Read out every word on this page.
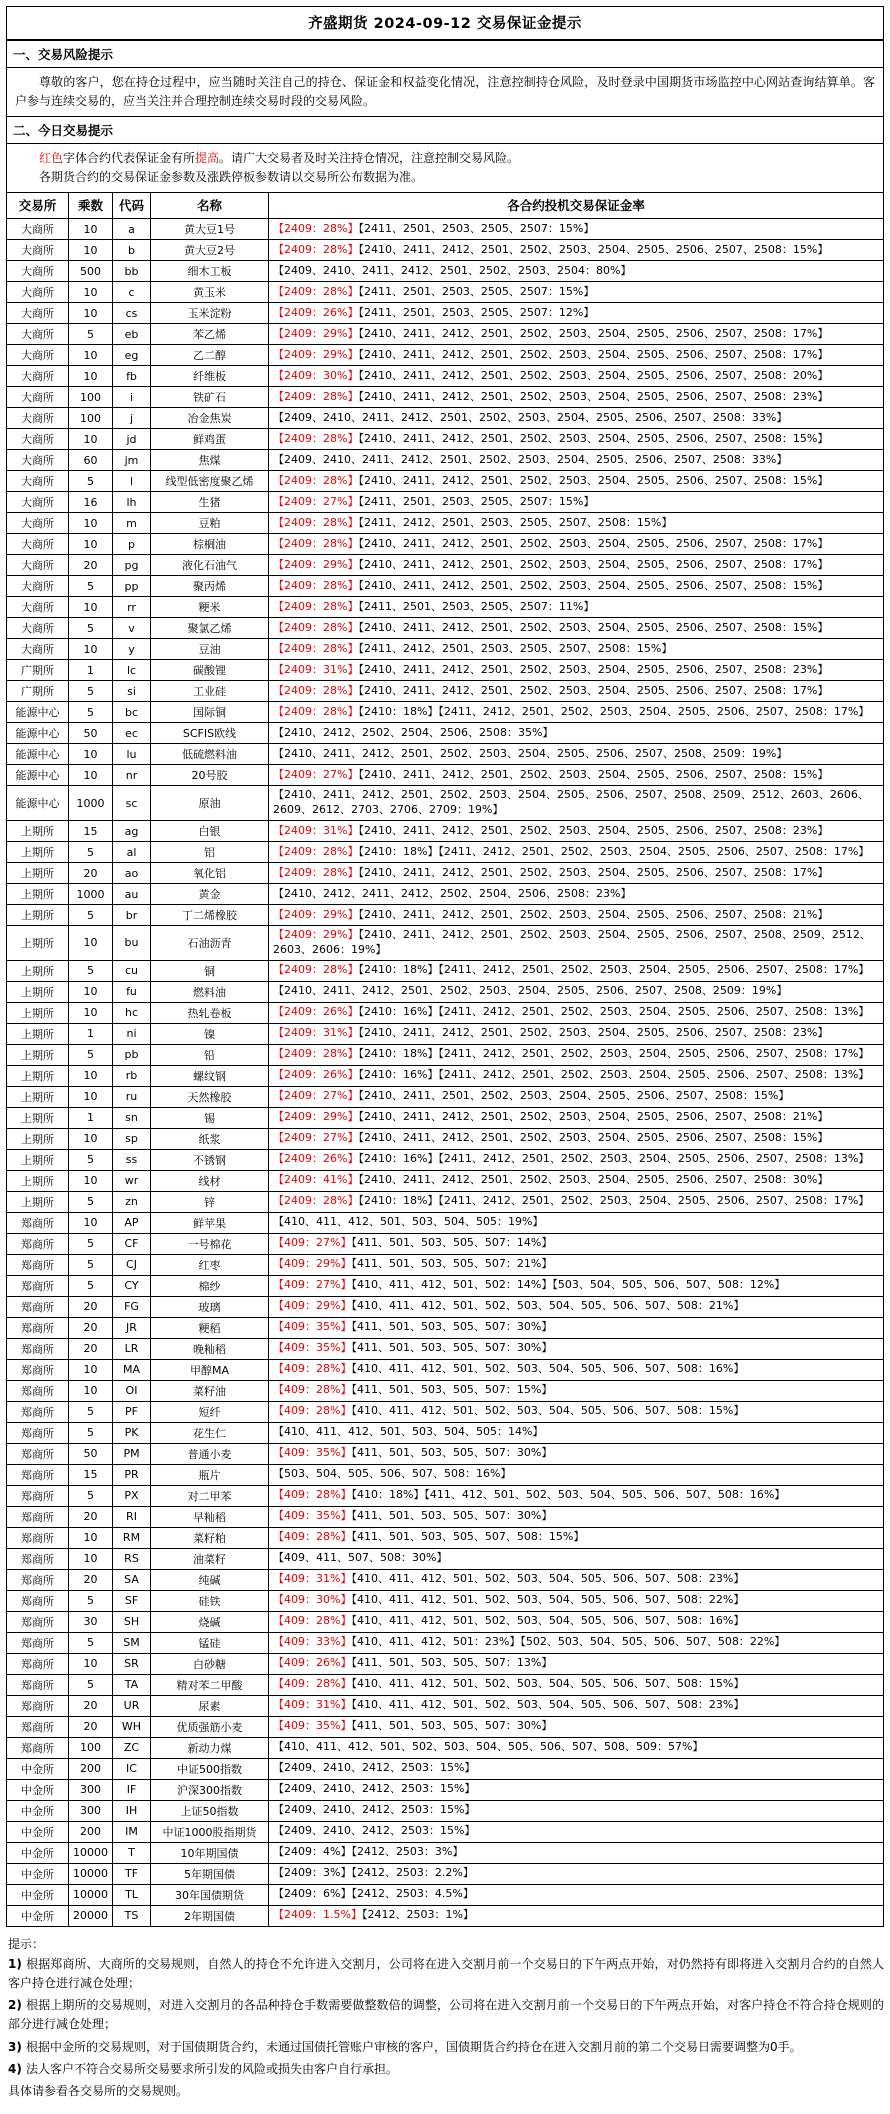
齐盛期货 2024-09-12 交易保证金提示
一、交易风险提示				

尊敬的客户，您在持仓过程中，应当随时关注自己的持仓、保证金和权益变化情况，注意控制持仓风险，及时登录中国期货市场监控中心网站查询结算单。客户参与连续交易的，应当关注并合理控制连续交易时段的交易风险。				

二、今日交易提示				

红色字体合约代表保证金有所提高。请广大交易者及时关注持仓情况，注意控制交易风险。
各期货合约的交易保证金参数及涨跌停板参数请以交易所公布数据为准。				

交易所	乘数	代码	名称	各合约投机交易保证金率
大商所	10	a	黄大豆1号	【2409：28%】【2411、2501、2503、2505、2507：15%】
大商所	10	b	黄大豆2号	【2409：28%】【2410、2411、2412、2501、2502、2503、2504、2505、2506、2507、2508：15%】
大商所	500	bb	细木工板	【2409、2410、2411、2412、2501、2502、2503、2504：80%】
大商所	10	c	黄玉米	【2409：28%】【2411、2501、2503、2505、2507：15%】
大商所	10	cs	玉米淀粉	【2409：26%】【2411、2501、2503、2505、2507：12%】
大商所	5	eb	苯乙烯	【2409：29%】【2410、2411、2412、2501、2502、2503、2504、2505、2506、2507、2508：17%】
大商所	10	eg	乙二醇	【2409：29%】【2410、2411、2412、2501、2502、2503、2504、2505、2506、2507、2508：17%】
大商所	10	fb	纤维板	【2409：30%】【2410、2411、2412、2501、2502、2503、2504、2505、2506、2507、2508：20%】
大商所	100	i	铁矿石	【2409：28%】【2410、2411、2412、2501、2502、2503、2504、2505、2506、2507、2508：23%】
大商所	100	j	冶金焦炭	【2409、2410、2411、2412、2501、2502、2503、2504、2505、2506、2507、2508：33%】
大商所	10	jd	鲜鸡蛋	【2409：28%】【2410、2411、2412、2501、2502、2503、2504、2505、2506、2507、2508：15%】
大商所	60	jm	焦煤	【2409、2410、2411、2412、2501、2502、2503、2504、2505、2506、2507、2508：33%】
大商所	5	l	线型低密度聚乙烯	【2409：28%】【2410、2411、2412、2501、2502、2503、2504、2505、2506、2507、2508：15%】
大商所	16	lh	生猪	【2409：27%】【2411、2501、2503、2505、2507：15%】
大商所	10	m	豆粕	【2409：28%】【2411、2412、2501、2503、2505、2507、2508：15%】
大商所	10	p	棕榈油	【2409：28%】【2410、2411、2412、2501、2502、2503、2504、2505、2506、2507、2508：17%】
大商所	20	pg	液化石油气	【2409：29%】【2410、2411、2412、2501、2502、2503、2504、2505、2506、2507、2508：17%】
大商所	5	pp	聚丙烯	【2409：28%】【2410、2411、2412、2501、2502、2503、2504、2505、2506、2507、2508：15%】
大商所	10	rr	粳米	【2409：28%】【2411、2501、2503、2505、2507：11%】
大商所	5	v	聚氯乙烯	【2409：28%】【2410、2411、2412、2501、2502、2503、2504、2505、2506、2507、2508：15%】
大商所	10	y	豆油	【2409：28%】【2411、2412、2501、2503、2505、2507、2508：15%】
广期所	1	lc	碳酸锂	【2409：31%】【2410、2411、2412、2501、2502、2503、2504、2505、2506、2507、2508：23%】
广期所	5	si	工业硅	【2409：28%】【2410、2411、2412、2501、2502、2503、2504、2505、2506、2507、2508：17%】
能源中心	5	bc	国际铜	【2409：28%】【2410：18%】【2411、2412、2501、2502、2503、2504、2505、2506、2507、2508：17%】
能源中心	50	ec	SCFIS欧线	【2410、2412、2502、2504、2506、2508：35%】
能源中心	10	lu	低硫燃料油	【2410、2411、2412、2501、2502、2503、2504、2505、2506、2507、2508、2509：19%】
能源中心	10	nr	20号胶	【2409：27%】【2410、2411、2412、2501、2502、2503、2504、2505、2506、2507、2508：15%】
能源中心	1000	sc	原油	【2410、2411、2412、2501、2502、2503、2504、2505、2506、2507、2508、2509、2512、2603、2606、2609、2612、2703、2706、2709：19%】
上期所	15	ag	白银	【2409：31%】【2410、2411、2412、2501、2502、2503、2504、2505、2506、2507、2508：23%】
上期所	5	al	铝	【2409：28%】【2410：18%】【2411、2412、2501、2502、2503、2504、2505、2506、2507、2508：17%】
上期所	20	ao	氧化铝	【2409：28%】【2410、2411、2412、2501、2502、2503、2504、2505、2506、2507、2508：17%】
上期所	1000	au	黄金	【2410、2412、2411、2412、2502、2504、2506、2508：23%】
上期所	5	br	丁二烯橡胶	【2409：29%】【2410、2411、2412、2501、2502、2503、2504、2505、2506、2507、2508：21%】
上期所	10	bu	石油沥青	【2409：29%】【2410、2411、2412、2501、2502、2503、2504、2505、2506、2507、2508、2509、2512、2603、2606：19%】
上期所	5	cu	铜	【2409：28%】【2410：18%】【2411、2412、2501、2502、2503、2504、2505、2506、2507、2508：17%】
上期所	10	fu	燃料油	【2410、2411、2412、2501、2502、2503、2504、2505、2506、2507、2508、2509：19%】
上期所	10	hc	热轧卷板	【2409：26%】【2410：16%】【2411、2412、2501、2502、2503、2504、2505、2506、2507、2508：13%】
上期所	1	ni	镍	【2409：31%】【2410、2411、2412、2501、2502、2503、2504、2505、2506、2507、2508：23%】
上期所	5	pb	铅	【2409：28%】【2410：18%】【2411、2412、2501、2502、2503、2504、2505、2506、2507、2508：17%】
上期所	10	rb	螺纹钢	【2409：26%】【2410：16%】【2411、2412、2501、2502、2503、2504、2505、2506、2507、2508：13%】
上期所	10	ru	天然橡胶	【2409：27%】【2410、2411、2501、2502、2503、2504、2505、2506、2507、2508：15%】
上期所	1	sn	锡	【2409：29%】【2410、2411、2412、2501、2502、2503、2504、2505、2506、2507、2508：21%】
上期所	10	sp	纸浆	【2409：27%】【2410、2411、2412、2501、2502、2503、2504、2505、2506、2507、2508：15%】
上期所	5	ss	不锈钢	【2409：26%】【2410：16%】【2411、2412、2501、2502、2503、2504、2505、2506、2507、2508：13%】
上期所	10	wr	线材	【2409：41%】【2410、2411、2412、2501、2502、2503、2504、2505、2506、2507、2508：30%】
上期所	5	zn	锌	【2409：28%】【2410：18%】【2411、2412、2501、2502、2503、2504、2505、2506、2507、2508：17%】
郑商所	10	AP	鲜苹果	【410、411、412、501、503、504、505：19%】
郑商所	5	CF	一号棉花	【409：27%】【411、501、503、505、507：14%】
郑商所	5	CJ	红枣	【409：29%】【411、501、503、505、507：21%】
郑商所	5	CY	棉纱	【409：27%】【410、411、412、501、502：14%】【503、504、505、506、507、508：12%】
郑商所	20	FG	玻璃	【409：29%】【410、411、412、501、502、503、504、505、506、507、508：21%】
郑商所	20	JR	粳稻	【409：35%】【411、501、503、505、507：30%】
郑商所	20	LR	晚籼稻	【409：35%】【411、501、503、505、507：30%】
郑商所	10	MA	甲醇MA	【409：28%】【410、411、412、501、502、503、504、505、506、507、508：16%】
郑商所	10	OI	菜籽油	【409：28%】【411、501、503、505、507：15%】
郑商所	5	PF	短纤	【409：28%】【410、411、412、501、502、503、504、505、506、507、508：15%】
郑商所	5	PK	花生仁	【410、411、412、501、503、504、505：14%】
郑商所	50	PM	普通小麦	【409：35%】【411、501、503、505、507：30%】
郑商所	15	PR	瓶片	【503、504、505、506、507、508：16%】
郑商所	5	PX	对二甲苯	【409：28%】【410：18%】【411、412、501、502、503、504、505、506、507、508：16%】
郑商所	20	RI	早籼稻	【409：35%】【411、501、503、505、507：30%】
郑商所	10	RM	菜籽粕	【409：28%】【411、501、503、505、507、508：15%】
郑商所	10	RS	油菜籽	【409、411、507、508：30%】
郑商所	20	SA	纯碱	【409：31%】【410、411、412、501、502、503、504、505、506、507、508：23%】
郑商所	5	SF	硅铁	【409：30%】【410、411、412、501、502、503、504、505、506、507、508：22%】
郑商所	30	SH	烧碱	【409：28%】【410、411、412、501、502、503、504、505、506、507、508：16%】
郑商所	5	SM	锰硅	【409：33%】【410、411、412、501：23%】【502、503、504、505、506、507、508：22%】
郑商所	10	SR	白砂糖	【409：26%】【411、501、503、505、507：13%】
郑商所	5	TA	精对苯二甲酸	【409：28%】【410、411、412、501、502、503、504、505、506、507、508：15%】
郑商所	20	UR	尿素	【409：31%】【410、411、412、501、502、503、504、505、506、507、508：23%】
郑商所	20	WH	优质强筋小麦	【409：35%】【411、501、503、505、507：30%】
郑商所	100	ZC	新动力煤	【410、411、412、501、502、503、504、505、506、507、508、509：57%】
中金所	200	IC	中证500指数	【2409、2410、2412、2503：15%】
中金所	300	IF	沪深300指数	【2409、2410、2412、2503：15%】
中金所	300	IH	上证50指数	【2409、2410、2412、2503：15%】
中金所	200	IM	中证1000股指期货	【2409、2410、2412、2503：15%】
中金所	10000	T	10年期国债	【2409：4%】【2412、2503：3%】
中金所	10000	TF	5年期国债	【2409：3%】【2412、2503：2.2%】
中金所	10000	TL	30年国债期货	【2409：6%】【2412、2503：4.5%】
中金所	20000	TS	2年期国债	【2409：1.5%】【2412、2503：1%】
提示：
1) 根据郑商所、大商所的交易规则，自然人的持仓不允许进入交割月，公司将在进入交割月前一个交易日的下午两点开始，对仍然持有即将进入交割月合约的自然人客户持仓进行减仓处理；
2) 根据上期所的交易规则，对进入交割月的各品种持仓手数需要做整数倍的调整，公司将在进入交割月前一个交易日的下午两点开始，对客户持仓不符合持仓规则的部分进行减仓处理；
3) 根据中金所的交易规则，对于国债期货合约，未通过国债托管账户审核的客户，国债期货合约持仓在进入交割月前的第二个交易日需要调整为0手。
4) 法人客户不符合交易所交易要求所引发的风险或损失由客户自行承担。
具体请参看各交易所的交易规则。
